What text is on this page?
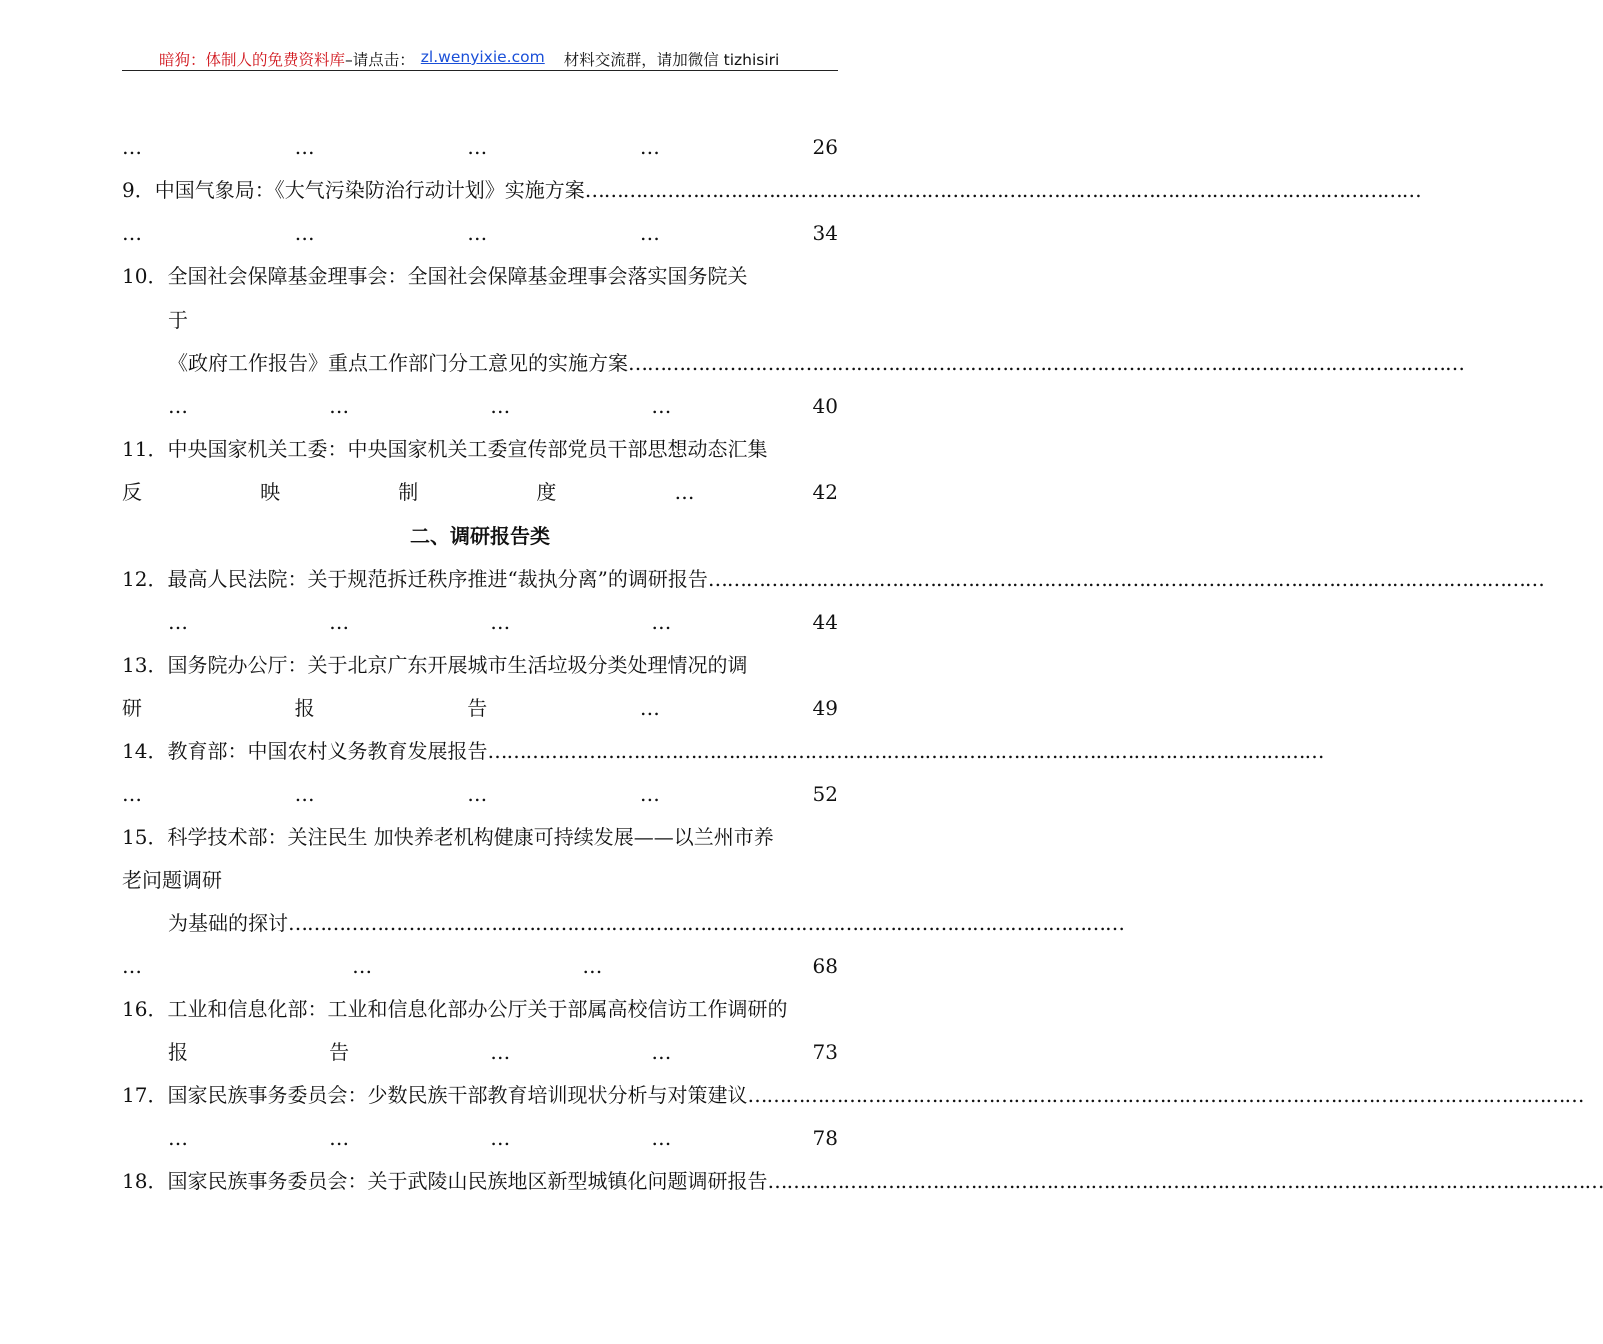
暗狗：体制人的免费资料库–请点击： zl.wenyixie.com 材料交流群，请加微信 tizhisiri
…	…	…	…	26
9．中国气象局：《大气污染防治行动计划》实施方案 ……………………………………………………………………………………………………………………
…	…	…	…	34
10．全国社会保障基金理事会：全国社会保障基金理事会落实国务院关
于
《政府工作报告》重点工作部门分工意见的实施方案 ……………………………………………………………………………………………………………………
…	…	…	…	40
11．中央国家机关工委：中央国家机关工委宣传部党员干部思想动态汇集
反	映	制	度	…	42
二、调研报告类
12．最高人民法院：关于规范拆迁秩序推进“裁执分离”的调研报告 ……………………………………………………………………………………………………………………
…	…	…	…	44
13．国务院办公厅：关于北京广东开展城市生活垃圾分类处理情况的调
研	报	告	…	49
14．教育部：中国农村义务教育发展报告 ……………………………………………………………………………………………………………………
…	…	…	…	52
15．科学技术部：关注民生 加快养老机构健康可持续发展——以兰州市养
老问题调研
为基础的探讨 ……………………………………………………………………………………………………………………
…	…	…	68
16．工业和信息化部：工业和信息化部办公厅关于部属高校信访工作调研的
报	告	…	…	73
17．国家民族事务委员会：少数民族干部教育培训现状分析与对策建议 ……………………………………………………………………………………………………………………
…	…	…	…	78
18．国家民族事务委员会：关于武陵山民族地区新型城镇化问题调研报告 ……………………………………………………………………………………………………………………
